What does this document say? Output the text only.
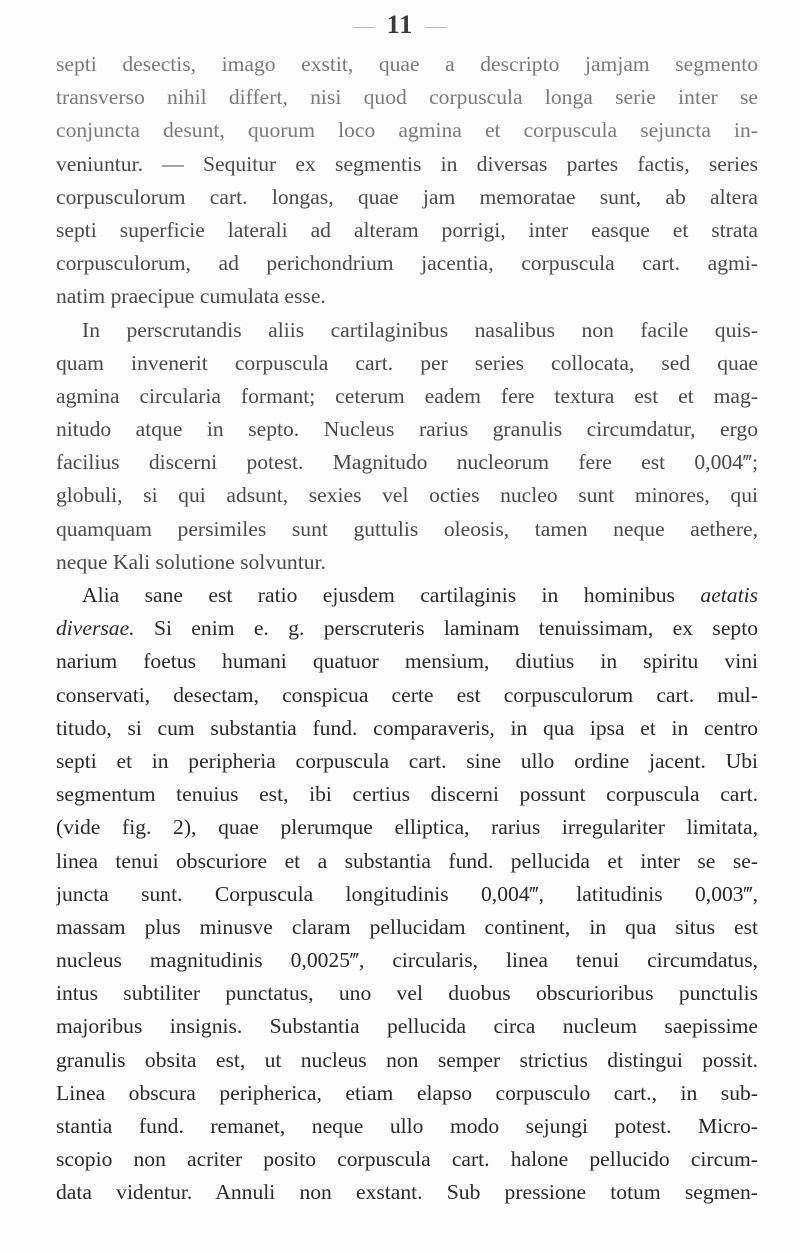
11
septi desectis, imago exstit, quae a descripto jamjam segmento
transverso nihil differt, nisi quod corpuscula longa serie inter se
conjuncta desunt, quorum loco agmina et corpuscula sejuncta in-
veniuntur. — Sequitur ex segmentis in diversas partes factis, series
corpusculorum cart. longas, quae jam memoratae sunt, ab altera
septi superficie laterali ad alteram porrigi, inter easque et strata
corpusculorum, ad perichondrium jacentia, corpuscula cart. agmi-
natim praecipue cumulata esse.
In perscrutandis aliis cartilaginibus nasalibus non facile quis-
quam invenerit corpuscula cart. per series collocata, sed quae
agmina circularia formant; ceterum eadem fere textura est et mag-
nitudo atque in septo. Nucleus rarius granulis circumdatur, ergo
facilius discerni potest. Magnitudo nucleorum fere est 0,004‴;
globuli, si qui adsunt, sexies vel octies nucleo sunt minores, qui
quamquam persimiles sunt guttulis oleosis, tamen neque aethere,
neque Kali solutione solvuntur.
Alia sane est ratio ejusdem cartilaginis in hominibus aetatis
diversae. Si enim e. g. perscruteris laminam tenuissimam, ex septo
narium foetus humani quatuor mensium, diutius in spiritu vini
conservati, desectam, conspicua certe est corpusculorum cart. mul-
titudo, si cum substantia fund. comparaveris, in qua ipsa et in centro
septi et in peripheria corpuscula cart. sine ullo ordine jacent. Ubi
segmentum tenuius est, ibi certius discerni possunt corpuscula cart.
(vide fig. 2), quae plerumque elliptica, rarius irregulariter limitata,
linea tenui obscuriore et a substantia fund. pellucida et inter se se-
juncta sunt. Corpuscula longitudinis 0,004‴, latitudinis 0,003‴,
massam plus minusve claram pellucidam continent, in qua situs est
nucleus magnitudinis 0,0025‴, circularis, linea tenui circumdatus,
intus subtiliter punctatus, uno vel duobus obscurioribus punctulis
majoribus insignis. Substantia pellucida circa nucleum saepissime
granulis obsita est, ut nucleus non semper strictius distingui possit.
Linea obscura peripherica, etiam elapso corpusculo cart., in sub-
stantia fund. remanet, neque ullo modo sejungi potest. Micro-
scopio non acriter posito corpuscula cart. halone pellucido circum-
data videntur. Annuli non exstant. Sub pressione totum segmen-
